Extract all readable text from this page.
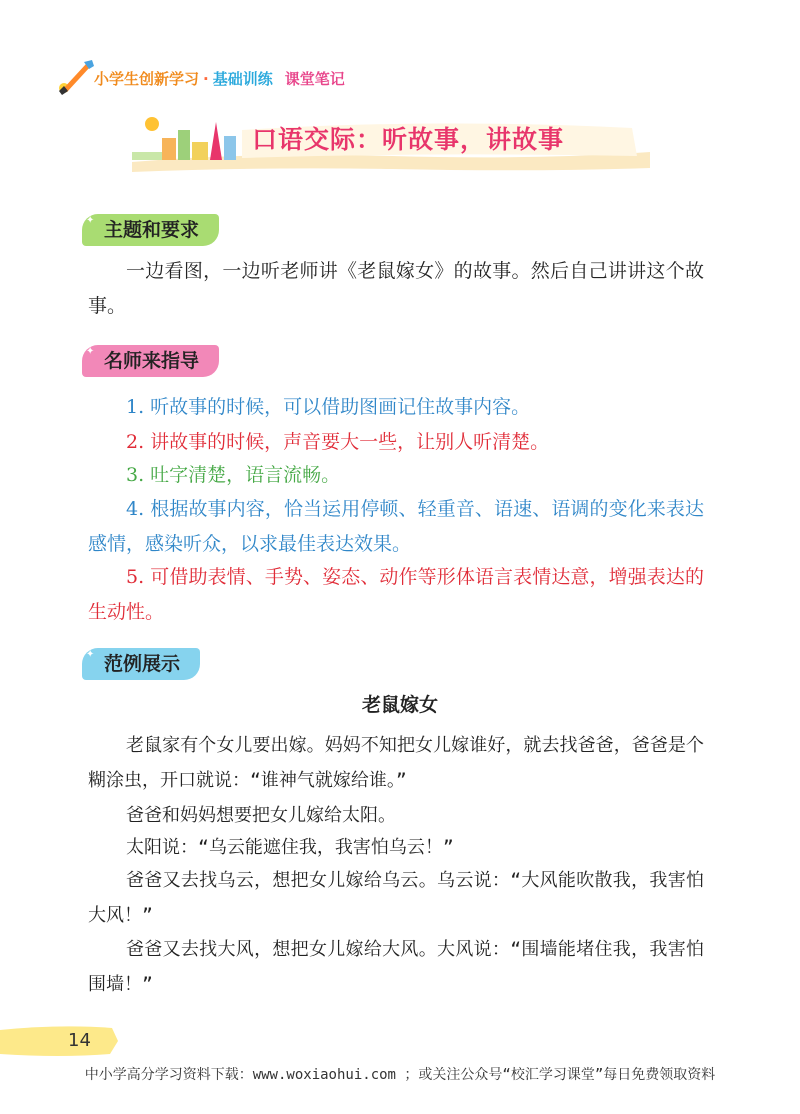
小学生创新学习 · 基础训练 课堂笔记
口语交际：听故事，讲故事
✦ 主题和要求
一边看图，一边听老师讲《老鼠嫁女》的故事。然后自己讲讲这个故事。
✦ 名师来指导
1. 听故事的时候，可以借助图画记住故事内容。
2. 讲故事的时候，声音要大一些，让别人听清楚。
3. 吐字清楚，语言流畅。
4. 根据故事内容，恰当运用停顿、轻重音、语速、语调的变化来表达感情，感染听众，以求最佳表达效果。
5. 可借助表情、手势、姿态、动作等形体语言表情达意，增强表达的生动性。
✦ 范例展示
老鼠嫁女
老鼠家有个女儿要出嫁。妈妈不知把女儿嫁谁好，就去找爸爸，爸爸是个糊涂虫，开口就说：“谁神气就嫁给谁。”
爸爸和妈妈想要把女儿嫁给太阳。
太阳说：“乌云能遮住我，我害怕乌云！”
爸爸又去找乌云，想把女儿嫁给乌云。乌云说：“大风能吹散我，我害怕大风！”
爸爸又去找大风，想把女儿嫁给大风。大风说：“围墙能堵住我，我害怕围墙！”
14
中小学高分学习资料下载：www.woxiaohui.com ；或关注公众号“校汇学习课堂”每日免费领取资料
